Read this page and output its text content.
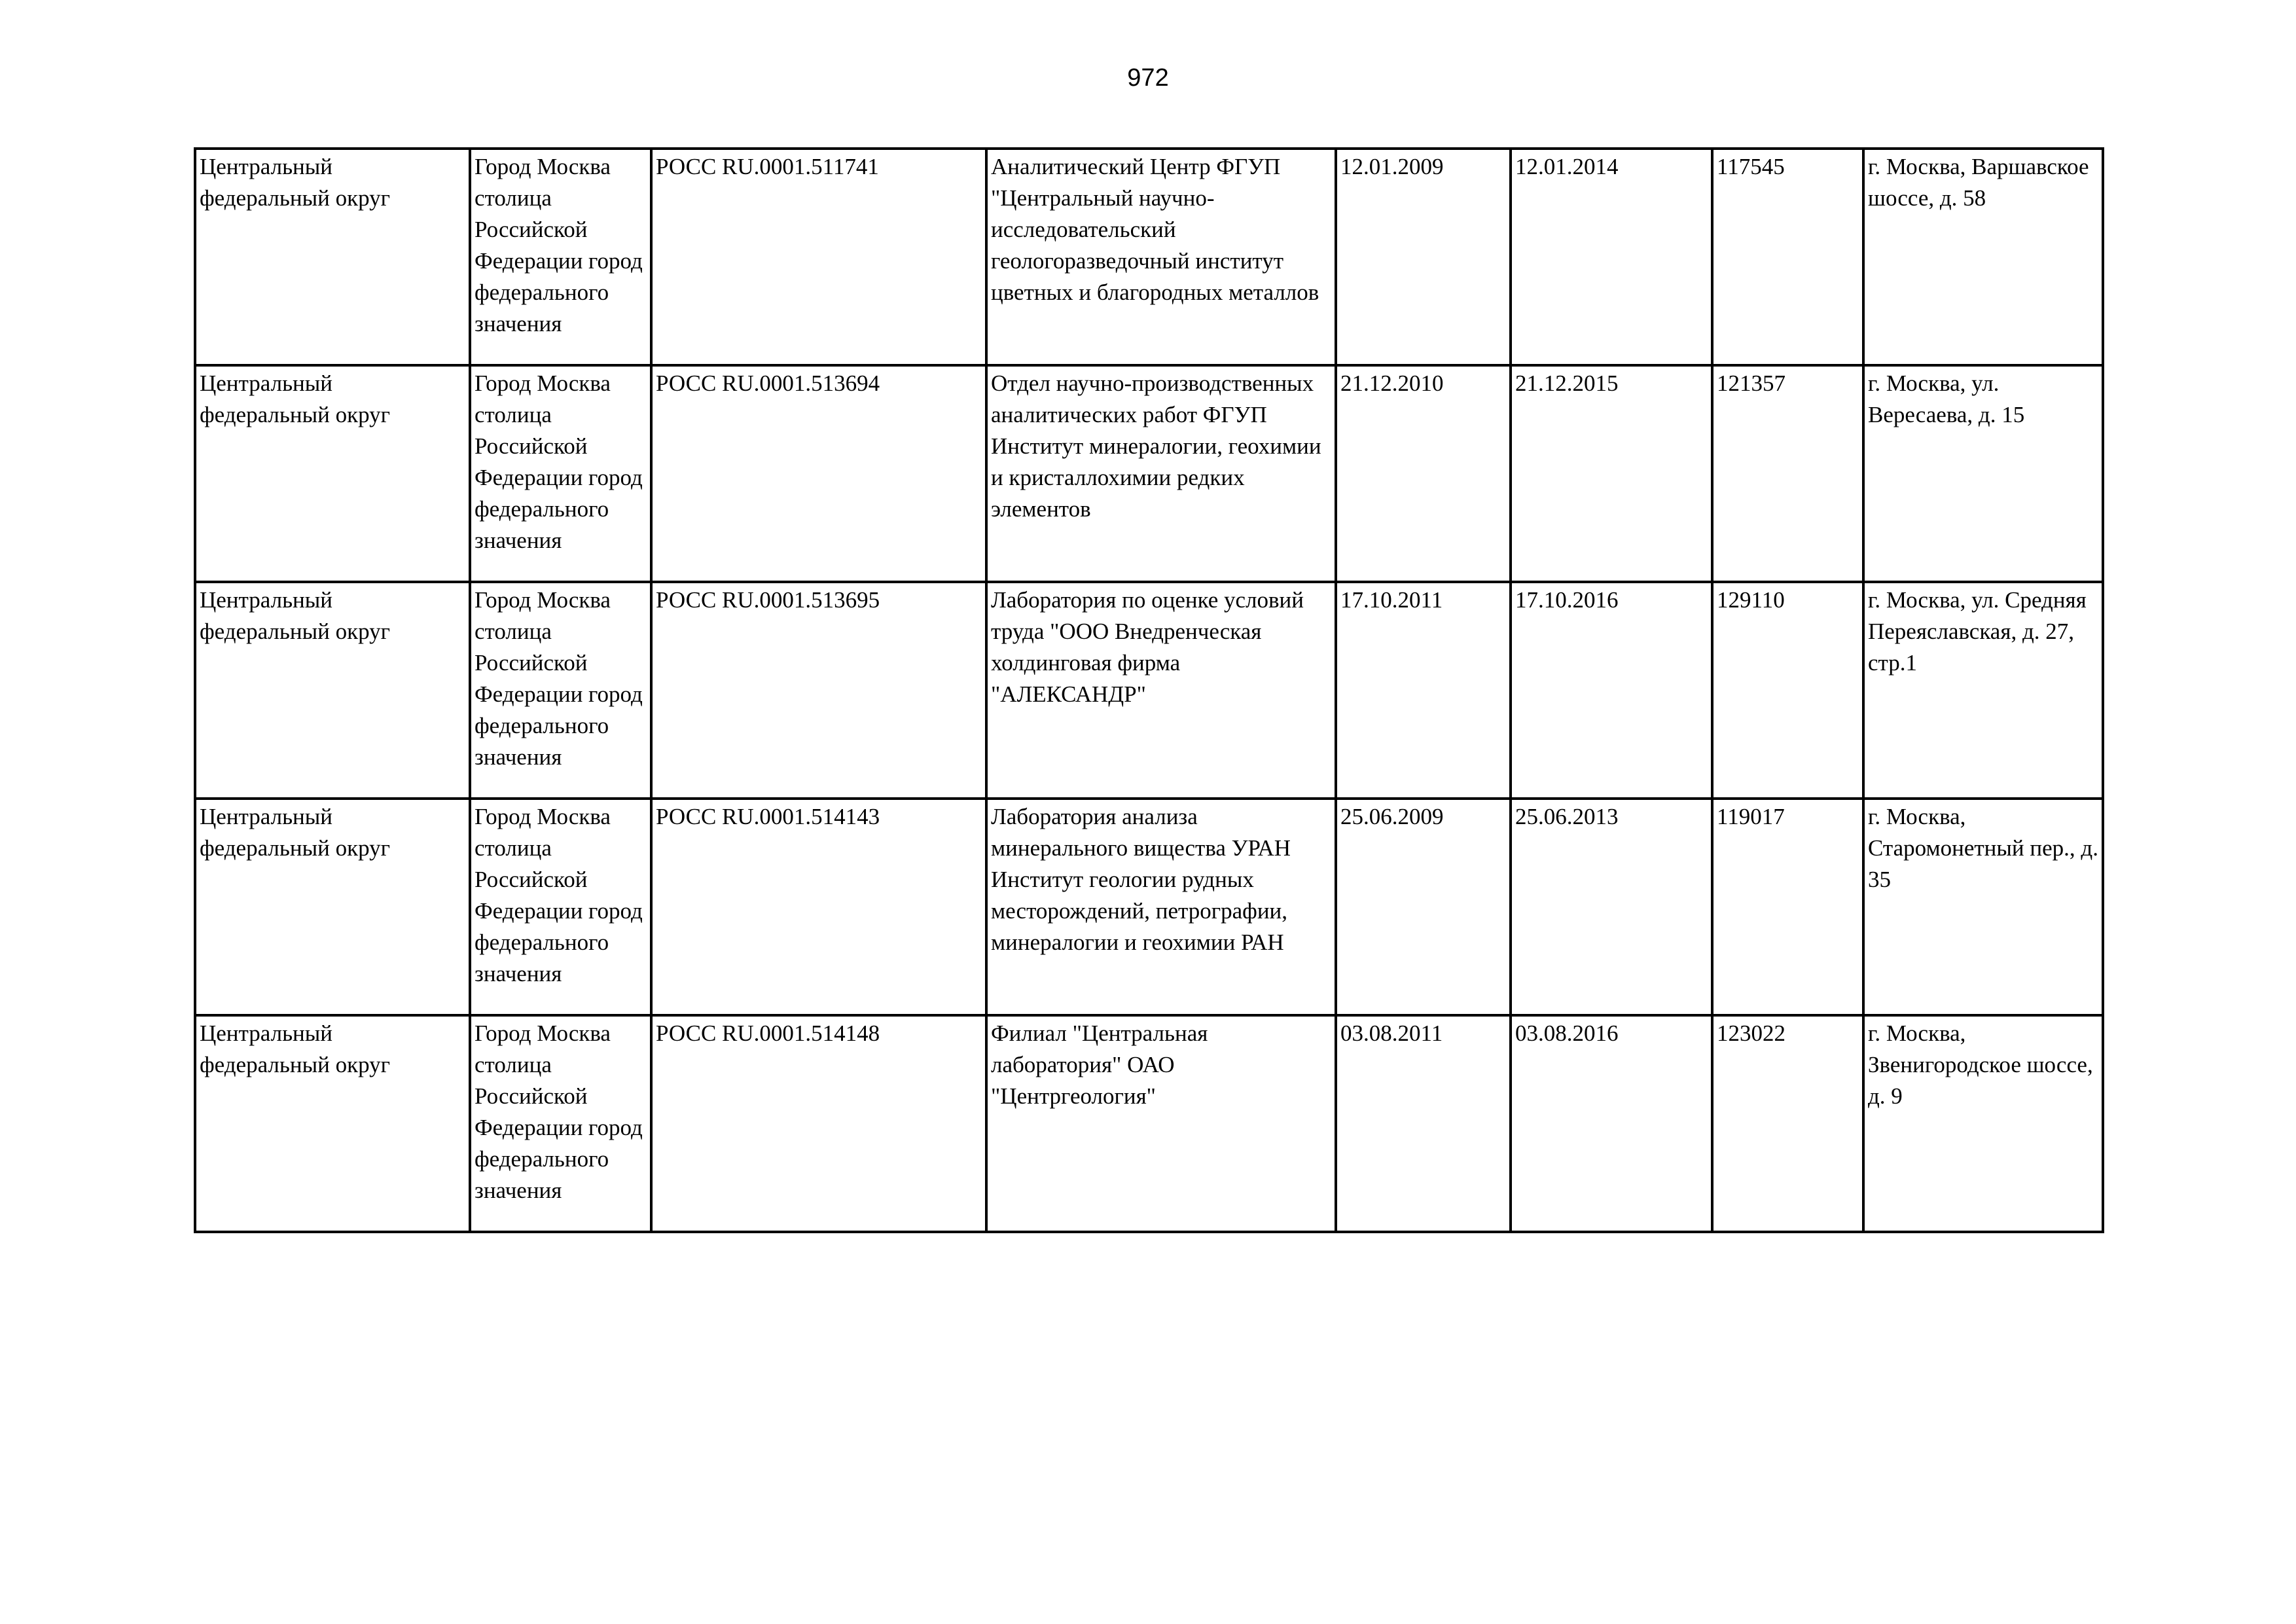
972
Центральный федеральный округ	Город Москва столица Российской Федерации город федерального значения	РОСС RU.0001.511741	Аналитический Центр ФГУП "Центральный научно-исследовательский геологоразведочный институт цветных и благородных металлов	12.01.2009	12.01.2014	117545	г. Москва, Варшавское шоссе, д. 58
Центральный федеральный округ	Город Москва столица Российской Федерации город федерального значения	РОСС RU.0001.513694	Отдел научно-производственных аналитических работ ФГУП Институт минералогии, геохимии и кристаллохимии редких элементов	21.12.2010	21.12.2015	121357	г. Москва, ул. Вересаева, д. 15
Центральный федеральный округ	Город Москва столица Российской Федерации город федерального значения	РОСС RU.0001.513695	Лаборатория по оценке условий труда "ООО Внедренческая холдинговая фирма "АЛЕКСАНДР"	17.10.2011	17.10.2016	129110	г. Москва, ул. Средняя Переяславская, д. 27, стр.1
Центральный федеральный округ	Город Москва столица Российской Федерации город федерального значения	РОСС RU.0001.514143	Лаборатория анализа минерального вищества УРАН Институт геологии рудных месторождений, петрографии, минералогии и геохимии РАН	25.06.2009	25.06.2013	119017	г. Москва, Старомонетный пер., д. 35
Центральный федеральный округ	Город Москва столица Российской Федерации город федерального значения	РОСС RU.0001.514148	Филиал "Центральная лаборатория" ОАО "Центргеология"	03.08.2011	03.08.2016	123022	г. Москва, Звенигородское шоссе, д. 9
